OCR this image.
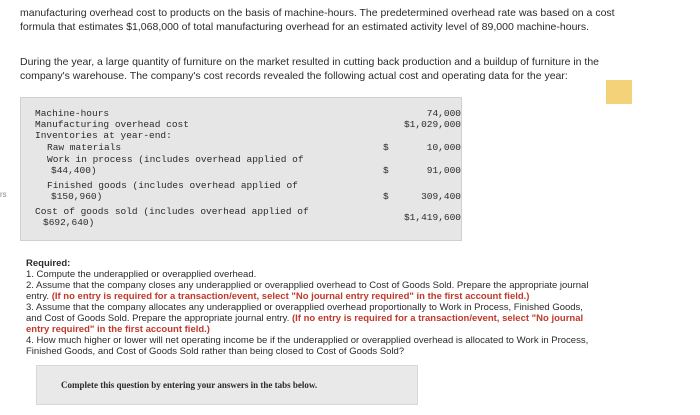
manufacturing overhead cost to products on the basis of machine-hours. The predetermined overhead rate was based on a cost
formula that estimates $1,068,000 of total manufacturing overhead for an estimated activity level of 89,000 machine-hours.
During the year, a large quantity of furniture on the market resulted in cutting back production and a buildup of furniture in the
company's warehouse. The company's cost records revealed the following actual cost and operating data for the year:
rs
Machine-hours	74,000
Manufacturing overhead cost	$1,029,000
Inventories at year-end:
Raw materials	$	10,000
Work in process (includes overhead applied of
$44,400)	$	91,000
Finished goods (includes overhead applied of
$150,960)	$	309,400
Cost of goods sold (includes overhead applied of
$692,640)	$1,419,600
Required:
1. Compute the underapplied or overapplied overhead.
2. Assume that the company closes any underapplied or overapplied overhead to Cost of Goods Sold. Prepare the appropriate journal
entry. (If no entry is required for a transaction/event, select "No journal entry required" in the first account field.)
3. Assume that the company allocates any underapplied or overapplied overhead proportionally to Work in Process, Finished Goods,
and Cost of Goods Sold. Prepare the appropriate journal entry. (If no entry is required for a transaction/event, select "No journal
entry required" in the first account field.)
4. How much higher or lower will net operating income be if the underapplied or overapplied overhead is allocated to Work in Process,
Finished Goods, and Cost of Goods Sold rather than being closed to Cost of Goods Sold?
Complete this question by entering your answers in the tabs below.
